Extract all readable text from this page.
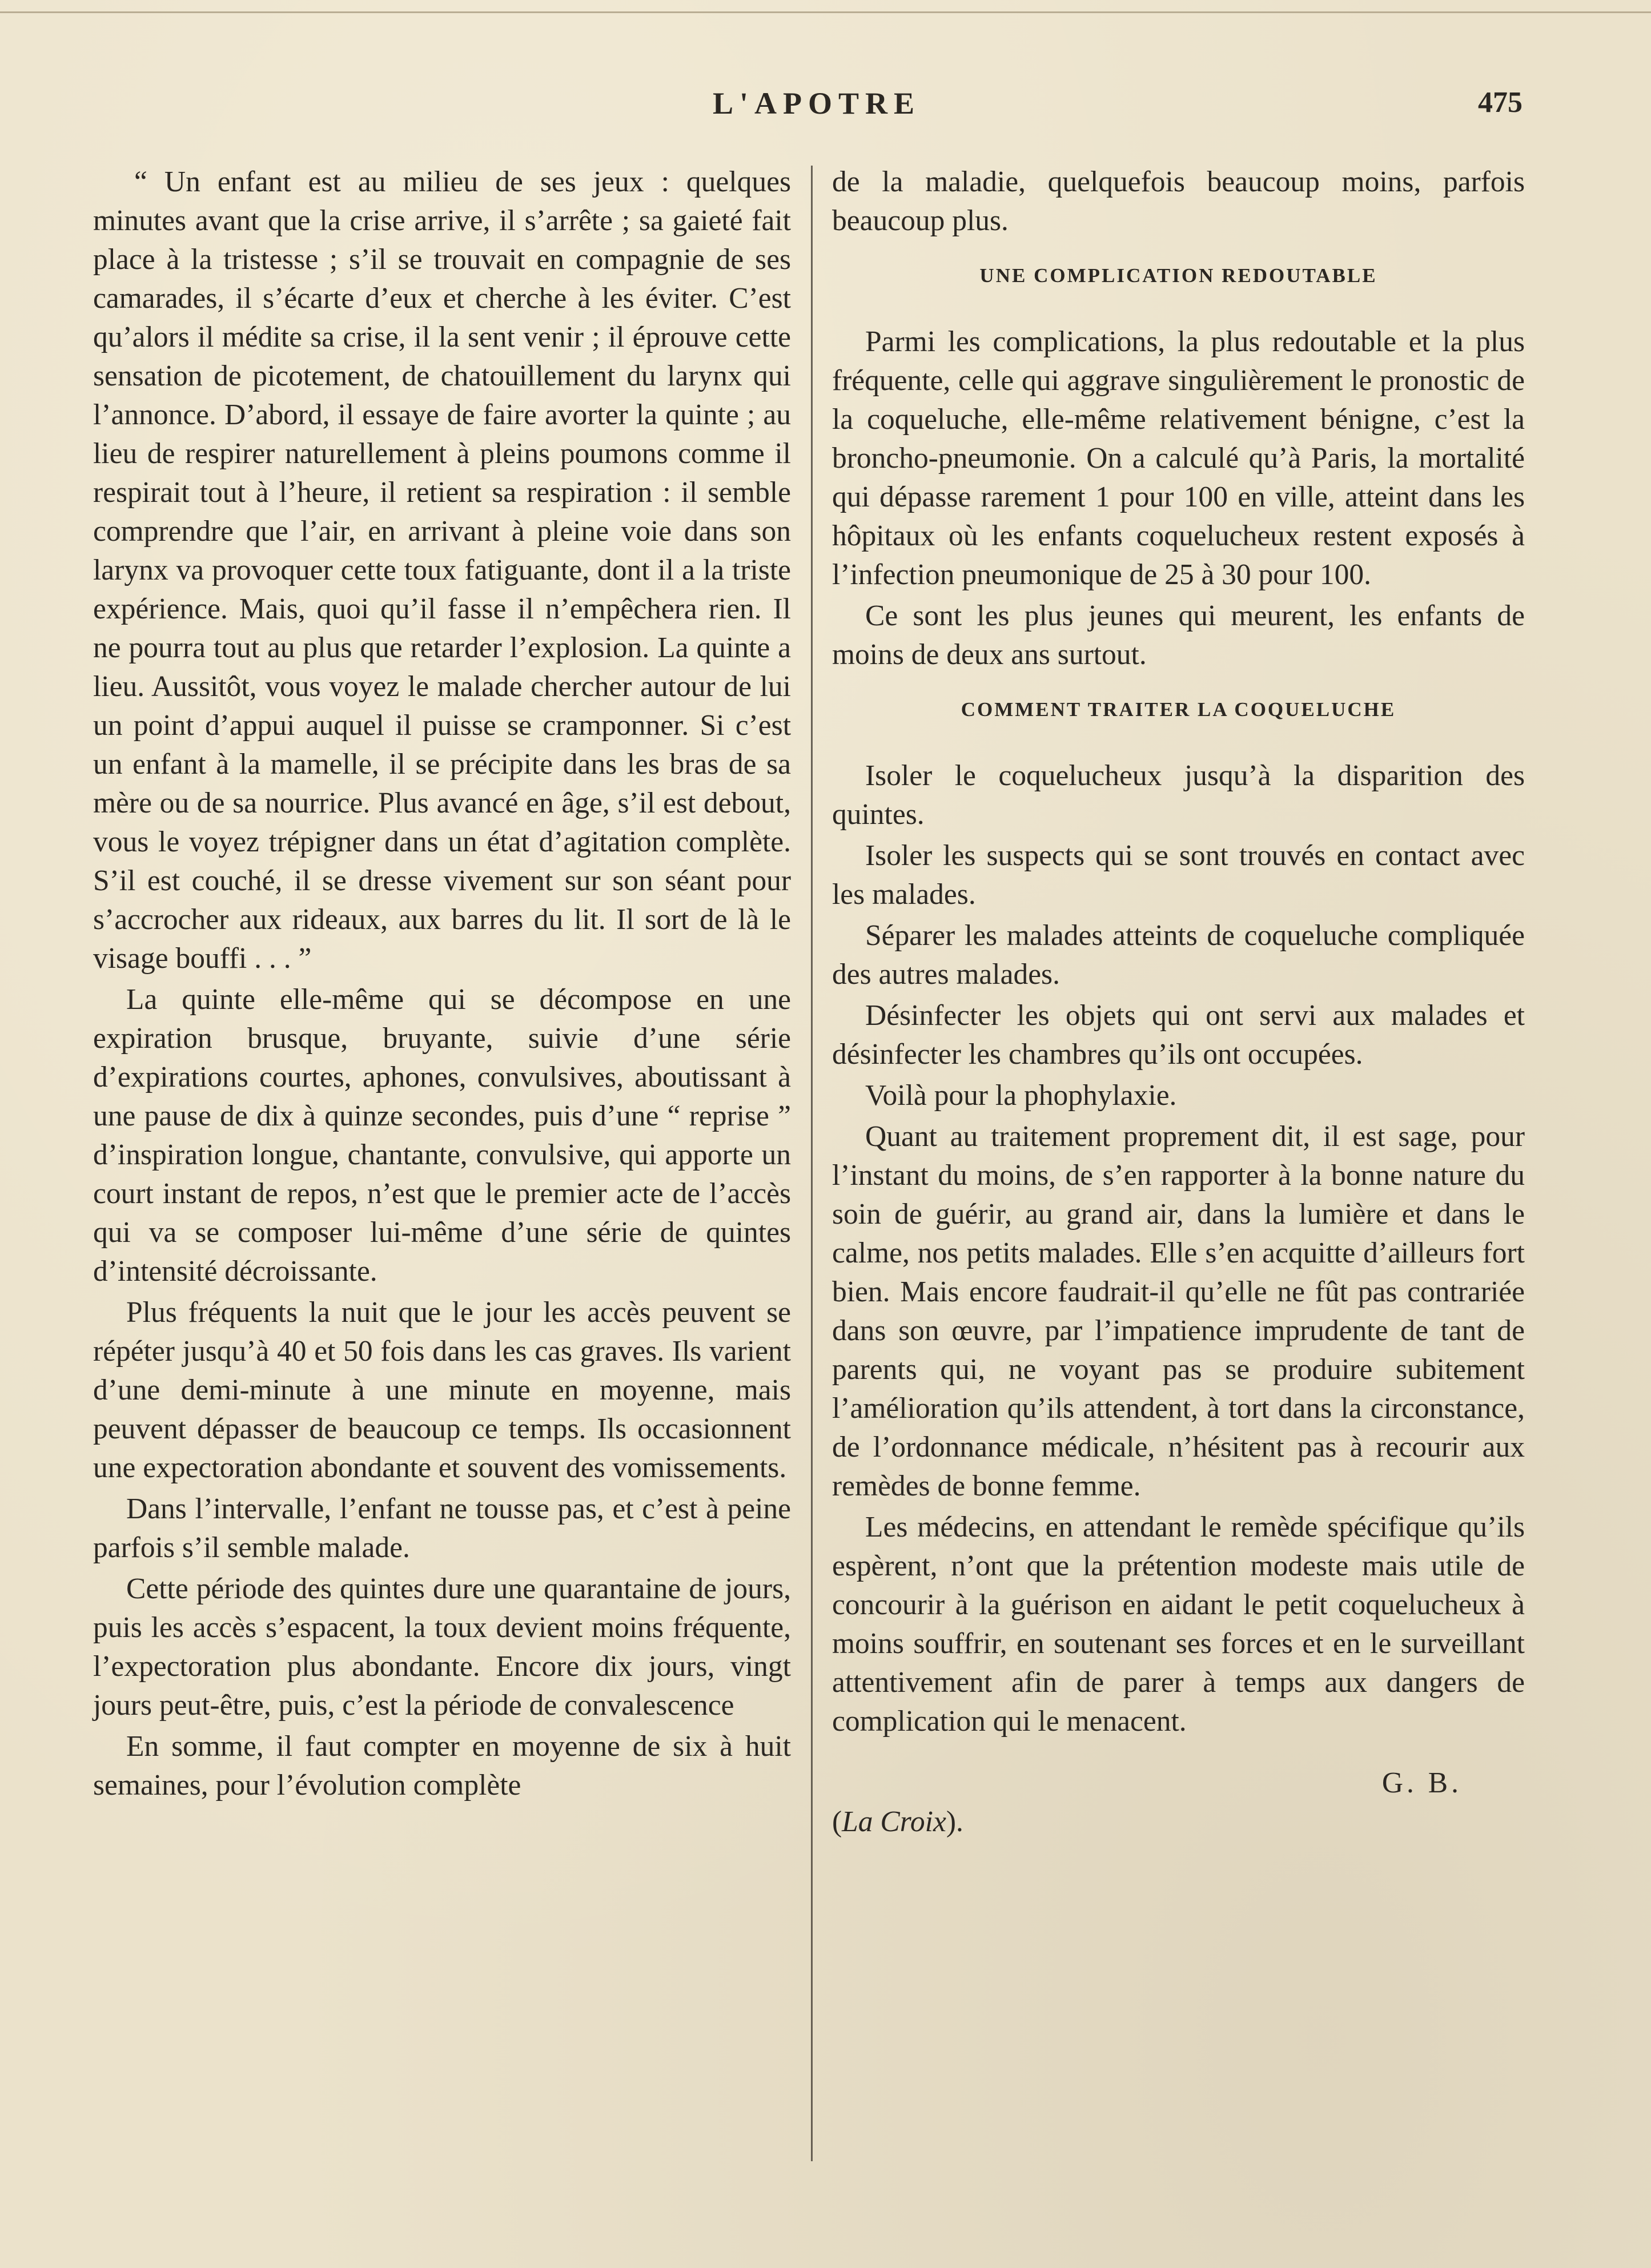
L'APOTRE	475

“ Un enfant est au milieu de ses jeux : quelques minutes avant que la crise arrive, il s’arrête ; sa gaieté fait place à la tristesse ; s’il se trouvait en compagnie de ses camarades, il s’écarte d’eux et cherche à les éviter. C’est qu’alors il médite sa crise, il la sent venir ; il éprouve cette sensation de picotement, de chatouillement du larynx qui l’annonce. D’abord, il essaye de faire avorter la quinte ; au lieu de respirer naturellement à pleins poumons comme il respirait tout à l’heure, il retient sa respiration : il semble comprendre que l’air, en arrivant à pleine voie dans son larynx va provoquer cette toux fatiguante, dont il a la triste expérience. Mais, quoi qu’il fasse il n’empêchera rien. Il ne pourra tout au plus que retarder l’explosion. La quinte a lieu. Aussitôt, vous voyez le malade chercher autour de lui un point d’appui auquel il puisse se cramponner. Si c’est un enfant à la mamelle, il se précipite dans les bras de sa mère ou de sa nourrice. Plus avancé en âge, s’il est debout, vous le voyez trépigner dans un état d’agitation complète. S’il est couché, il se dresse vivement sur son séant pour s’accrocher aux rideaux, aux barres du lit. Il sort de là le visage bouffi . . . ”

La quinte elle-même qui se décompose en une expiration brusque, bruyante, suivie d’une série d’expirations courtes, aphones, convulsives, aboutissant à une pause de dix à quinze secondes, puis d’une “ reprise ” d’inspiration longue, chantante, convulsive, qui apporte un court instant de repos, n’est que le premier acte de l’accès qui va se composer lui-même d’une série de quintes d’intensité décroissante.

Plus fréquents la nuit que le jour les accès peuvent se répéter jusqu’à 40 et 50 fois dans les cas graves. Ils varient d’une demi-minute à une minute en moyenne, mais peuvent dépasser de beaucoup ce temps. Ils occasionnent une expectoration abondante et souvent des vomissements.

Dans l’intervalle, l’enfant ne tousse pas, et c’est à peine parfois s’il semble malade.

Cette période des quintes dure une quarantaine de jours, puis les accès s’espacent, la toux devient moins fréquente, l’expectoration plus abondante. Encore dix jours, vingt jours peut-être, puis, c’est la période de convalescence

En somme, il faut compter en moyenne de six à huit semaines, pour l’évolution complète

de la maladie, quelquefois beaucoup moins, parfois beaucoup plus.

UNE COMPLICATION REDOUTABLE

Parmi les complications, la plus redoutable et la plus fréquente, celle qui aggrave singulièrement le pronostic de la coqueluche, elle-même relativement bénigne, c’est la broncho-pneumonie. On a calculé qu’à Paris, la mortalité qui dépasse rarement 1 pour 100 en ville, atteint dans les hôpitaux où les enfants coquelucheux restent exposés à l’infection pneumonique de 25 à 30 pour 100.

Ce sont les plus jeunes qui meurent, les enfants de moins de deux ans surtout.

COMMENT TRAITER LA COQUELUCHE

Isoler le coquelucheux jusqu’à la disparition des quintes.

Isoler les suspects qui se sont trouvés en contact avec les malades.

Séparer les malades atteints de coqueluche compliquée des autres malades.

Désinfecter les objets qui ont servi aux malades et désinfecter les chambres qu’ils ont occupées.

Voilà pour la phophylaxie.

Quant au traitement proprement dit, il est sage, pour l’instant du moins, de s’en rapporter à la bonne nature du soin de guérir, au grand air, dans la lumière et dans le calme, nos petits malades. Elle s’en acquitte d’ailleurs fort bien. Mais encore faudrait-il qu’elle ne fût pas contrariée dans son œuvre, par l’impatience imprudente de tant de parents qui, ne voyant pas se produire subitement l’amélioration qu’ils attendent, à tort dans la circonstance, de l’ordonnance médicale, n’hésitent pas à recourir aux remèdes de bonne femme.

Les médecins, en attendant le remède spécifique qu’ils espèrent, n’ont que la prétention modeste mais utile de concourir à la guérison en aidant le petit coquelucheux à moins souffrir, en soutenant ses forces et en le surveillant attentivement afin de parer à temps aux dangers de complication qui le menacent.

G. B.

(La Croix).
